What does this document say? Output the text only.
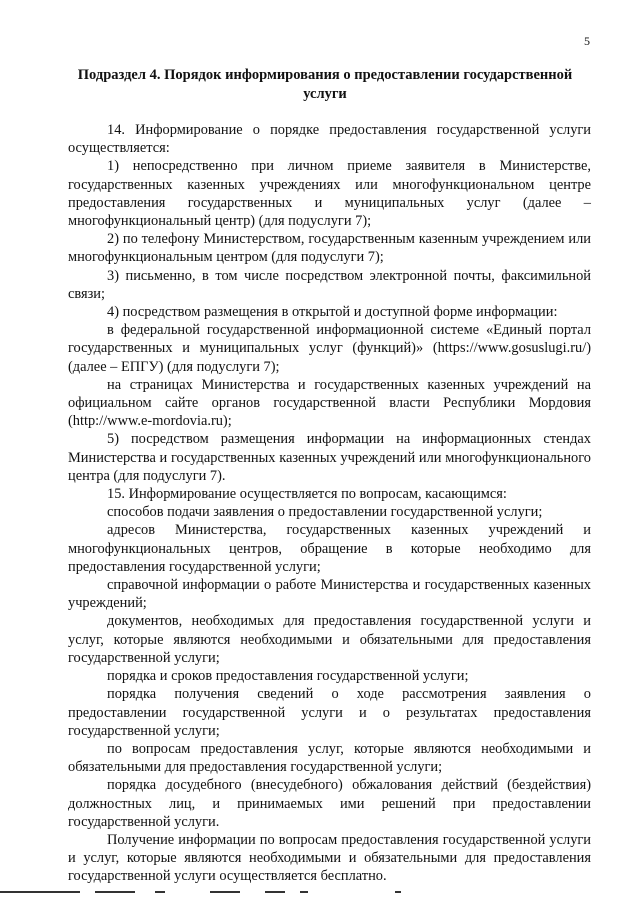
5
Подраздел 4. Порядок информирования о предоставлении государственной услуги

14. Информирование о порядке предоставления государственной услуги осуществляется:

1) непосредственно при личном приеме заявителя в Министерстве, государственных казенных учреждениях или многофункциональном центре предоставления государственных и муниципальных услуг (далее – многофункциональный центр) (для подуслуги 7);

2) по телефону Министерством, государственным казенным учреждением или многофункциональным центром (для подуслуги 7);

3) письменно, в том числе посредством электронной почты, факсимильной связи;

4) посредством размещения в открытой и доступной форме информации:

в федеральной государственной информационной системе «Единый портал государственных и муниципальных услуг (функций)» (https://www.gosuslugi.ru/) (далее – ЕПГУ) (для подуслуги 7);

на страницах Министерства и государственных казенных учреждений на официальном сайте органов государственной власти Республики Мордовия (http://www.e-mordovia.ru);

5) посредством размещения информации на информационных стендах Министерства и государственных казенных учреждений или многофункционального центра (для подуслуги 7).

15. Информирование осуществляется по вопросам, касающимся:

способов подачи заявления о предоставлении государственной услуги;

адресов Министерства, государственных казенных учреждений и многофункциональных центров, обращение в которые необходимо для предоставления государственной услуги;

справочной информации о работе Министерства и государственных казенных учреждений;

документов, необходимых для предоставления государственной услуги и услуг, которые являются необходимыми и обязательными для предоставления государственной услуги;

порядка и сроков предоставления государственной услуги;

порядка получения сведений о ходе рассмотрения заявления о предоставлении государственной услуги и о результатах предоставления государственной услуги;

по вопросам предоставления услуг, которые являются необходимыми и обязательными для предоставления государственной услуги;

порядка досудебного (внесудебного) обжалования действий (бездействия) должностных лиц, и принимаемых ими решений при предоставлении государственной услуги.

Получение информации по вопросам предоставления государственной услуги и услуг, которые являются необходимыми и обязательными для предоставления государственной услуги осуществляется бесплатно.
